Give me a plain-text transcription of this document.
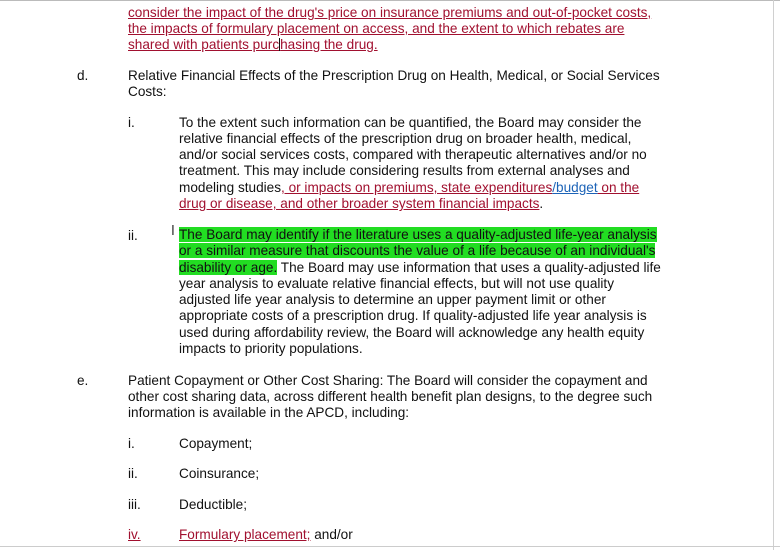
consider the impact of the drug's price on insurance premiums and out-of-pocket costs,
the impacts of formulary placement on access, and the extent to which rebates are
shared with patients purchasing the drug.
d.	Relative Financial Effects of the Prescription Drug on Health, Medical, or Social Services
Costs:
i.	To the extent such information can be quantified, the Board may consider the
relative financial effects of the prescription drug on broader health, medical,
and/or social services costs, compared with therapeutic alternatives and/or no
treatment. This may include considering results from external analyses and
modeling studies, or impacts on premiums, state expenditures/budget on the
drug or disease, and other broader system financial impacts.
ii.	I The Board may identify if the literature uses a quality-adjusted life-year analysis
or a similar measure that discounts the value of a life because of an individual's
disability or age. The Board may use information that uses a quality-adjusted life
year analysis to evaluate relative financial effects, but will not use quality
adjusted life year analysis to determine an upper payment limit or other
appropriate costs of a prescription drug. If quality-adjusted life year analysis is
used during affordability review, the Board will acknowledge any health equity
impacts to priority populations.
e.	Patient Copayment or Other Cost Sharing: The Board will consider the copayment and
other cost sharing data, across different health benefit plan designs, to the degree such
information is available in the APCD, including:
i.	Copayment;
ii.	Coinsurance;
iii.	Deductible;
iv.	Formulary placement; and/or
